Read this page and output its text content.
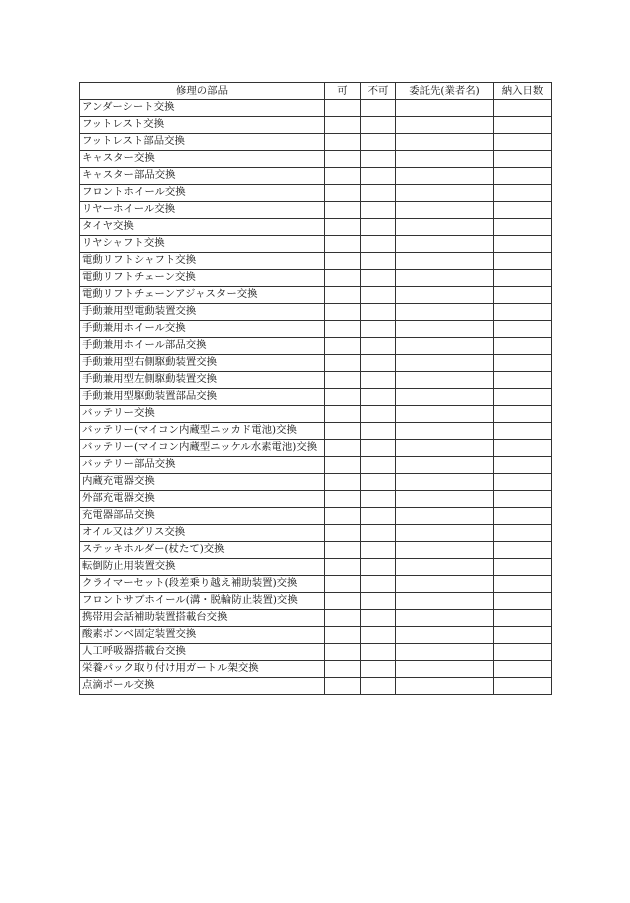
修理の部品	可	不可	委託先(業者名)	納入日数
アンダーシート交換				
フットレスト交換				
フットレスト部品交換				
キャスター交換				
キャスター部品交換				
フロントホイール交換				
リヤーホイール交換				
タイヤ交換				
リヤシャフト交換				
電動リフトシャフト交換				
電動リフトチェーン交換				
電動リフトチェーンアジャスター交換				
手動兼用型電動装置交換				
手動兼用ホイール交換				
手動兼用ホイール部品交換				
手動兼用型右側駆動装置交換				
手動兼用型左側駆動装置交換				
手動兼用型駆動装置部品交換				
バッテリー交換				
バッテリー(マイコン内蔵型ニッカド電池)交換				
バッテリー(マイコン内蔵型ニッケル水素電池)交換				
バッテリー部品交換				
内蔵充電器交換				
外部充電器交換				
充電器部品交換				
オイル又はグリス交換				
ステッキホルダー(杖たて)交換				
転倒防止用装置交換				
クライマーセット(段差乗り越え補助装置)交換				
フロントサブホイール(溝・脱輪防止装置)交換				
携帯用会話補助装置搭載台交換				
酸素ボンベ固定装置交換				
人工呼吸器搭載台交換				
栄養パック取り付け用ガートル架交換				
点滴ポール交換				
